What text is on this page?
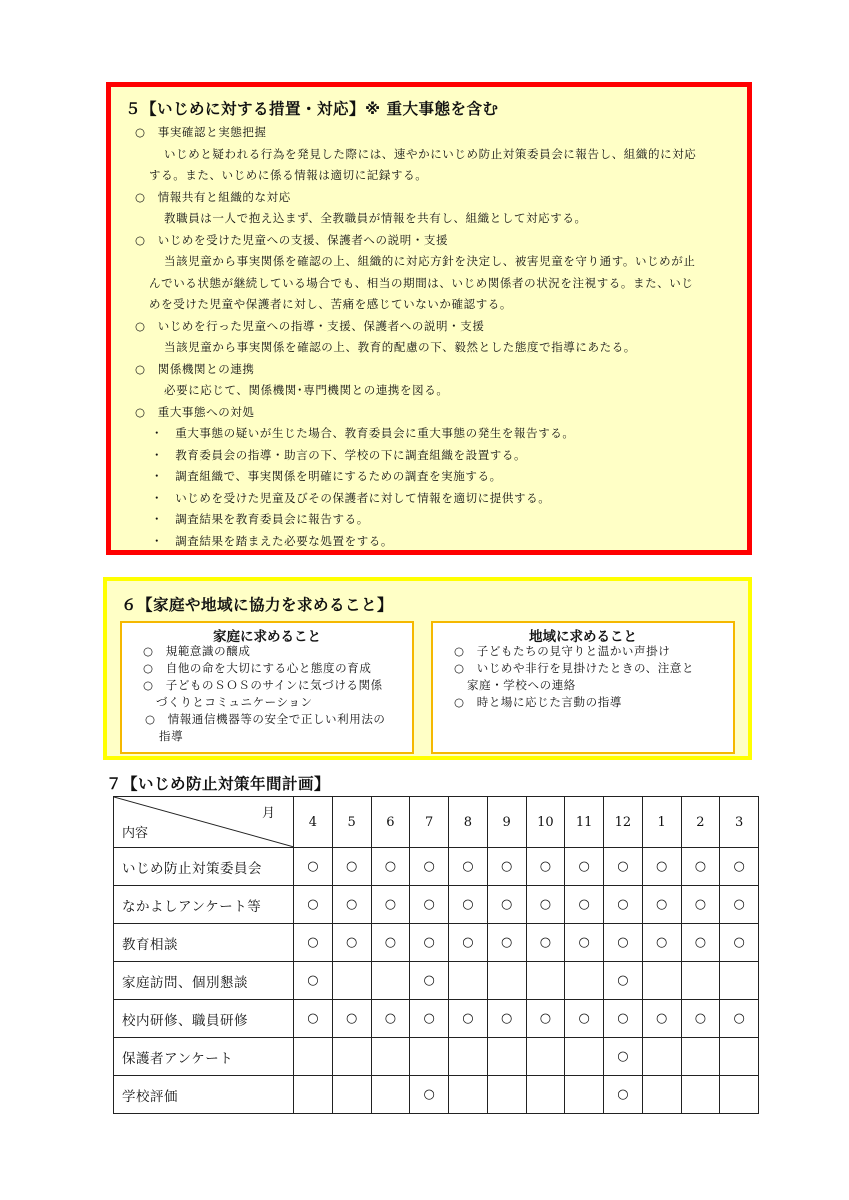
５【いじめに対する措置・対応】※ 重大事態を含む
○　事実確認と実態把握
いじめと疑われる行為を発見した際には、速やかにいじめ防止対策委員会に報告し、組織的に対応
する。また、いじめに係る情報は適切に記録する。
○　情報共有と組織的な対応
教職員は一人で抱え込まず、全教職員が情報を共有し、組織として対応する。
○　いじめを受けた児童への支援、保護者への説明・支援
当該児童から事実関係を確認の上、組織的に対応方針を決定し、被害児童を守り通す。いじめが止
んでいる状態が継続している場合でも、相当の期間は、いじめ関係者の状況を注視する。また、いじ
めを受けた児童や保護者に対し、苦痛を感じていないか確認する。
○　いじめを行った児童への指導・支援、保護者への説明・支援
当該児童から事実関係を確認の上、教育的配慮の下、毅然とした態度で指導にあたる。
○　関係機関との連携
必要に応じて、関係機関･専門機関との連携を図る。
○　重大事態への対処
・　重大事態の疑いが生じた場合、教育委員会に重大事態の発生を報告する。
・　教育委員会の指導・助言の下、学校の下に調査組織を設置する。
・　調査組織で、事実関係を明確にするための調査を実施する。
・　いじめを受けた児童及びその保護者に対して情報を適切に提供する。
・　調査結果を教育委員会に報告する。
・　調査結果を踏まえた必要な処置をする。
６【家庭や地域に協力を求めること】
家庭に求めること
○　規範意識の醸成
○　自他の命を大切にする心と態度の育成
○　子どものＳＯＳのサインに気づける関係
づくりとコミュニケーション
○　情報通信機器等の安全で正しい利用法の
指導
地域に求めること
○　子どもたちの見守りと温かい声掛け
○　いじめや非行を見掛けたときの、注意と
家庭・学校への連絡
○　時と場に応じた言動の指導
７【いじめ防止対策年間計画】
月
内容	4	5	6	7	8	9	10	11	12	1	2	3
いじめ防止対策委員会	○	○	○	○	○	○	○	○	○	○	○	○
なかよしアンケート等	○	○	○	○	○	○	○	○	○	○	○	○
教育相談	○	○	○	○	○	○	○	○	○	○	○	○
家庭訪問、個別懇談	○			○					○			
校内研修、職員研修	○	○	○	○	○	○	○	○	○	○	○	○
保護者アンケート									○			
学校評価				○					○			
